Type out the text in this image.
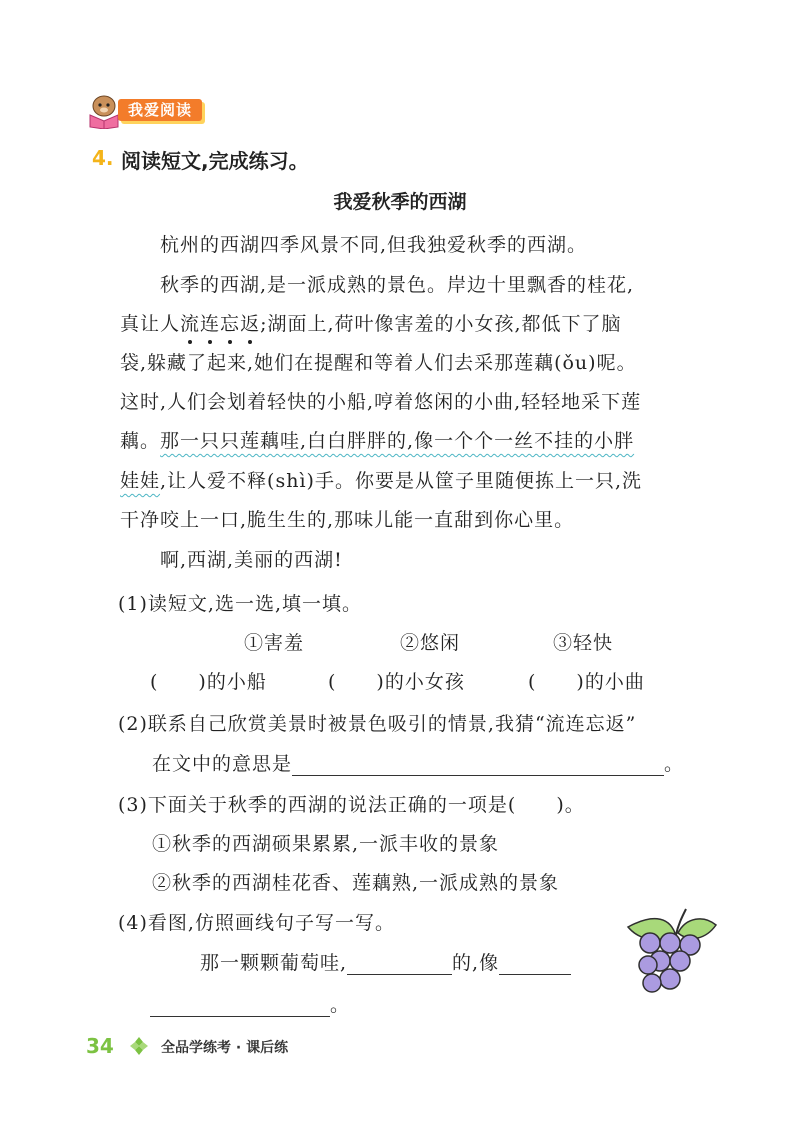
我爱阅读
4. 阅读短文,完成练习。
我爱秋季的西湖
杭州的西湖四季风景不同,但我独爱秋季的西湖。
秋季的西湖,是一派成熟的景色。岸边十里飘香的桂花,
真让人流连忘返;湖面上,荷叶像害羞的小女孩,都低下了脑
袋,躲藏了起来,她们在提醒和等着人们去采那莲藕(ǒu)呢。
这时,人们会划着轻快的小船,哼着悠闲的小曲,轻轻地采下莲
藕。那一只只莲藕哇,白白胖胖的,像一个个一丝不挂的小胖
娃娃,让人爱不释(shì)手。你要是从筐子里随便拣上一只,洗
干净咬上一口,脆生生的,那味儿能一直甜到你心里。
啊,西湖,美丽的西湖!
(1)读短文,选一选,填一填。
①害羞	②悠闲	③轻快
(　　)的小船	(　　)的小女孩	(　　)的小曲
(2)联系自己欣赏美景时被景色吸引的情景,我猜“流连忘返”
在文中的意思是	。
(3)下面关于秋季的西湖的说法正确的一项是(　　)。
①秋季的西湖硕果累累,一派丰收的景象
②秋季的西湖桂花香、莲藕熟,一派成熟的景象
(4)看图,仿照画线句子写一写。
那一颗颗葡萄哇,	的,像
。
34	全品学练考 · 课后练
